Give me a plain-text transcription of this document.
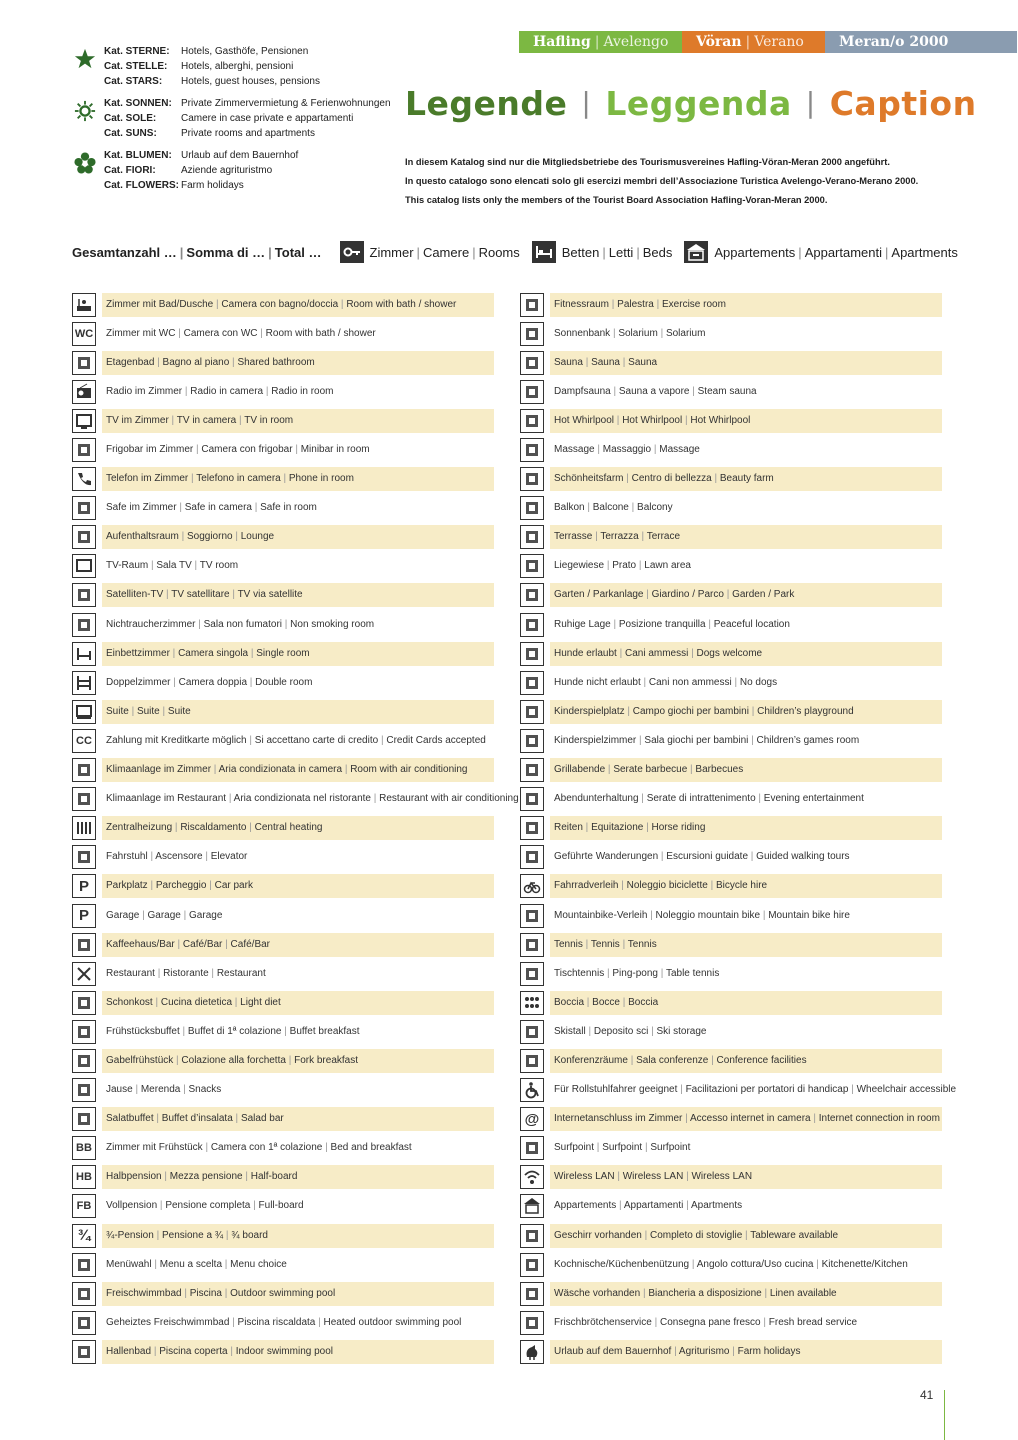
Hafling | Avelengo	Vöran | Verano	Meran/o 2000
Kat. STERNE:	Hotels, Gasthöfe, Pensionen
Cat. STELLE:	Hotels, alberghi, pensioni
Cat. STARS:	Hotels, guest houses, pensions
Kat. SONNEN: Private Zimmervermietung & Ferienwohnungen
Cat. SOLE:	Camere in case private e appartamenti
Cat. SUNS:	Private rooms and apartments
Kat. BLUMEN: Urlaub auf dem Bauernhof
Cat. FIORI:	Aziende agrituristmo
Cat. FLOWERS: Farm holidays
Legende | Leggenda | Caption

In diesem Katalog sind nur die Mitgliedsbetriebe des Tourismusvereines Hafling-Vöran-Meran 2000 angeführt.

In questo catalogo sono elencati solo gli esercizi membri dell’Associazione Turistica Avelengo-Verano-Merano 2000.

This catalog lists only the members of the Tourist Board Association Hafling-Voran-Meran 2000.

Gesamtanzahl … | Somma di … | Total …	Zimmer | Camere | Rooms	Betten | Letti | Beds	Appartements | Appartamenti | Apartments
Zimmer mit Bad/Dusche | Camera con bagno/doccia | Room with bath / shower
WC	Zimmer mit WC | Camera con WC | Room with bath / shower
Etagenbad | Bagno al piano | Shared bathroom
Radio im Zimmer | Radio in camera | Radio in room
TV im Zimmer | TV in camera | TV in room
Frigobar im Zimmer | Camera con frigobar | Minibar in room
Telefon im Zimmer | Telefono in camera | Phone in room
Safe im Zimmer | Safe in camera | Safe in room
Aufenthaltsraum | Soggiorno | Lounge
TV-Raum | Sala TV | TV room
Satelliten-TV | TV satellitare | TV via satellite
Nichtraucherzimmer | Sala non fumatori | Non smoking room
Einbettzimmer | Camera singola | Single room
Doppelzimmer | Camera doppia | Double room
Suite | Suite | Suite
CC	Zahlung mit Kreditkarte möglich | Si accettano carte di credito | Credit Cards accepted
Klimaanlage im Zimmer | Aria condizionata in camera | Room with air conditioning
Klimaanlage im Restaurant | Aria condizionata nel ristorante | Restaurant with air conditioning
Zentralheizung | Riscaldamento | Central heating
Fahrstuhl | Ascensore | Elevator
P	Parkplatz | Parcheggio | Car park
P	Garage | Garage | Garage
Kaffeehaus/Bar | Café/Bar | Café/Bar
Restaurant | Ristorante | Restaurant
Schonkost | Cucina dietetica | Light diet
Frühstücksbuffet | Buffet di 1ª colazione | Buffet breakfast
Gabelfrühstück | Colazione alla forchetta | Fork breakfast
Jause | Merenda | Snacks
Salatbuffet | Buffet d’insalata | Salad bar
BB	Zimmer mit Frühstück | Camera con 1ª colazione | Bed and breakfast
HB	Halbpension | Mezza pensione | Half-board
FB	Vollpension | Pensione completa | Full-board
¾	¾-Pension | Pensione a ¾ | ¾ board
Menüwahl | Menu a scelta | Menu choice
Freischwimmbad | Piscina | Outdoor swimming pool
Geheiztes Freischwimmbad | Piscina riscaldata | Heated outdoor swimming pool
Hallenbad | Piscina coperta | Indoor swimming pool
Fitnessraum | Palestra | Exercise room
Sonnenbank | Solarium | Solarium
Sauna | Sauna | Sauna
Dampfsauna | Sauna a vapore | Steam sauna
Hot Whirlpool | Hot Whirlpool | Hot Whirlpool
Massage | Massaggio | Massage
Schönheitsfarm | Centro di bellezza | Beauty farm
Balkon | Balcone | Balcony
Terrasse | Terrazza | Terrace
Liegewiese | Prato | Lawn area
Garten / Parkanlage | Giardino / Parco | Garden / Park
Ruhige Lage | Posizione tranquilla | Peaceful location
Hunde erlaubt | Cani ammessi | Dogs welcome
Hunde nicht erlaubt | Cani non ammessi | No dogs
Kinderspielplatz | Campo giochi per bambini | Children’s playground
Kinderspielzimmer | Sala giochi per bambini | Children’s games room
Grillabende | Serate barbecue | Barbecues
Abendunterhaltung | Serate di intrattenimento | Evening entertainment
Reiten | Equitazione | Horse riding
Geführte Wanderungen | Escursioni guidate | Guided walking tours
Fahrradverleih | Noleggio biciclette | Bicycle hire
Mountainbike-Verleih | Noleggio mountain bike | Mountain bike hire
Tennis | Tennis | Tennis
Tischtennis | Ping-pong | Table tennis
Boccia | Bocce | Boccia
Skistall | Deposito sci | Ski storage
Konferenzräume | Sala conferenze | Conference facilities
Für Rollstuhlfahrer geeignet | Facilitazioni per portatori di handicap | Wheelchair accessible
@	Internetanschluss im Zimmer | Accesso internet in camera | Internet connection in room
Surfpoint | Surfpoint | Surfpoint
Wireless LAN | Wireless LAN | Wireless LAN
Appartements | Appartamenti | Apartments
Geschirr vorhanden | Completo di stoviglie | Tableware available
Kochnische/Küchenbenützung | Angolo cottura/Uso cucina | Kitchenette/Kitchen
Wäsche vorhanden | Biancheria a disposizione | Linen available
Frischbrötchenservice | Consegna pane fresco | Fresh bread service
Urlaub auf dem Bauernhof | Agriturismo | Farm holidays
41
